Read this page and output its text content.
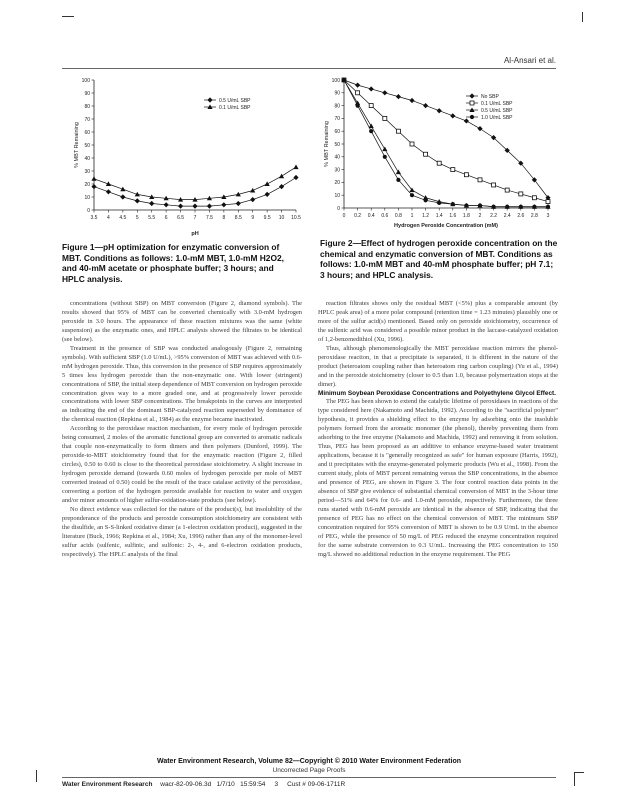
Al-Ansari et al.
0
10
20
30
40
50
60
70
80
90
100
3.5 4 4.5 5 5.5 6 6.5 7 7.5 8 8.5 9 9.5 10 10.5
pH
% MBT Remaining
0.5 U/mL SBP
0.1 U/mL SBP
0
10
20
30
40
50
60
70
80
90
100
0 0.2 0.4 0.6 0.8 1 1.2 1.4 1.6 1.8 2 2.2 2.4 2.6 2.8 3
Hydrogen Peroxide Concentration (mM)
% MBT Remaining
No SBP
0.1 U/mL SBP
0.5 U/mL SBP
1.0 U/mL SBP
Figure 1—pH optimization for enzymatic conversion of MBT. Conditions as follows: 1.0-mM MBT, 1.0-mM H2O2, and 40-mM acetate or phosphate buffer; 3 hours; and HPLC analysis.
Figure 2—Effect of hydrogen peroxide concentration on the chemical and enzymatic conversion of MBT. Conditions as follows: 1.0-mM MBT and 40-mM phosphate buffer; pH 7.1; 3 hours; and HPLC analysis.

concentrations (without SBP) on MBT conversion (Figure 2, diamond symbols). The results showed that 95% of MBT can be converted chemically with 3.0-mM hydrogen peroxide in 3.0 hours. The appearance of these reaction mixtures was the same (white suspension) as the enzymatic ones, and HPLC analysis showed the filtrates to be identical (see below).

Treatment in the presence of SBP was conducted analogously (Figure 2, remaining symbols). With sufficient SBP (1.0 U/mL), >95% conversion of MBT was achieved with 0.6-mM hydrogen peroxide. Thus, this conversion in the presence of SBP requires approximately 5 times less hydrogen peroxide than the non-enzymatic one. With lower (stringent) concentrations of SBP, the initial steep dependence of MBT conversion on hydrogen peroxide concentration gives way to a more graded one, and at progressively lower peroxide concentrations with lower SBP concentrations. The breakpoints in the curves are interpreted as indicating the end of the dominant SBP-catalyzed reaction superseded by dominance of the chemical reaction (Repkina et al., 1984) as the enzyme became inactivated.

According to the peroxidase reaction mechanism, for every mole of hydrogen peroxide being consumed, 2 moles of the aromatic functional group are converted to aromatic radicals that couple non-enzymatically to form dimers and then polymers (Dunford, 1999). The peroxide-to-MBT stoichiometry found that for the enzymatic reaction (Figure 2, filled circles), 0.50 to 0.60 is close to the theoretical peroxidase stoichiometry. A slight increase in hydrogen peroxide demand (towards 0.60 moles of hydrogen peroxide per mole of MBT converted instead of 0.50) could be the result of the trace catalase activity of the peroxidase, converting a portion of the hydrogen peroxide available for reaction to water and oxygen and/or minor amounts of higher sulfur-oxidation-state products (see below).

No direct evidence was collected for the nature of the product(s), but insolubility of the preponderance of the products and peroxide consumption stoichiometry are consistent with the disulfide, an S-S-linked oxidative dimer (a 1-electron oxidation product), suggested in the literature (Buck, 1966; Repkina et al., 1984; Xu, 1996) rather than any of the monomer-level sulfur acids (sulfenic, sulfinic, and sulfonic: 2-, 4-, and 6-electron oxidation products, respectively). The HPLC analysis of the final

reaction filtrates shows only the residual MBT (<5%) plus a comparable amount (by HPLC peak area) of a more polar compound (retention time = 1.23 minutes) plausibly one or more of the sulfur acid(s) mentioned. Based only on peroxide stoichiometry, occurrence of the sulfenic acid was considered a possible minor product in the laccase-catalyzed oxidation of 1,2-benzenedithiol (Xu, 1996).

Thus, although phenomenologically the MBT peroxidase reaction mirrors the phenol-peroxidase reaction, in that a precipitate is separated, it is different in the nature of the product (heteroatom coupling rather than heteroatom ring carbon coupling) (Yu et al., 1994) and in the peroxide stoichiometry (closer to 0.5 than 1.0, because polymerization stops at the dimer).

Minimum Soybean Peroxidase Concentrations and Polyethylene Glycol Effect.

The PEG has been shown to extend the catalytic lifetime of peroxidases in reactions of the type considered here (Nakamoto and Machida, 1992). According to the "sacrificial polymer" hypothesis, it provides a shielding effect to the enzyme by adsorbing onto the insoluble polymers formed from the aromatic monomer (the phenol), thereby preventing them from adsorbing to the free enzyme (Nakamoto and Machida, 1992) and removing it from solution. Thus, PEG has been proposed as an additive to enhance enzyme-based water treatment applications, because it is "generally recognized as safe" for human exposure (Harris, 1992), and it precipitates with the enzyme-generated polymeric products (Wu et al., 1998). From the current study, plots of MBT percent remaining versus the SBP concentrations, in the absence and presence of PEG, are shown in Figure 3. The four control reaction data points in the absence of SBP give evidence of substantial chemical conversion of MBT in the 3-hour time period—51% and 64% for 0.6- and 1.0-mM peroxide, respectively. Furthermore, the three runs started with 0.6-mM peroxide are identical in the absence of SBP, indicating that the presence of PEG has no effect on the chemical conversion of MBT. The minimum SBP concentration required for 95% conversion of MBT is shown to be 0.9 U/mL in the absence of PEG, while the presence of 50 mg/L of PEG reduced the enzyme concentration required for the same substrate conversion to 0.3 U/mL. Increasing the PEG concentration to 150 mg/L showed no additional reduction in the enzyme requirement. The PEG

Water Environment Research, Volume 82—Copyright © 2010 Water Environment Federation
Uncorrected Page Proofs
Water Environment Research wacr-82-09-06.3d 1/7/10 15:59:54 3 Cust # 09-06-1711R
